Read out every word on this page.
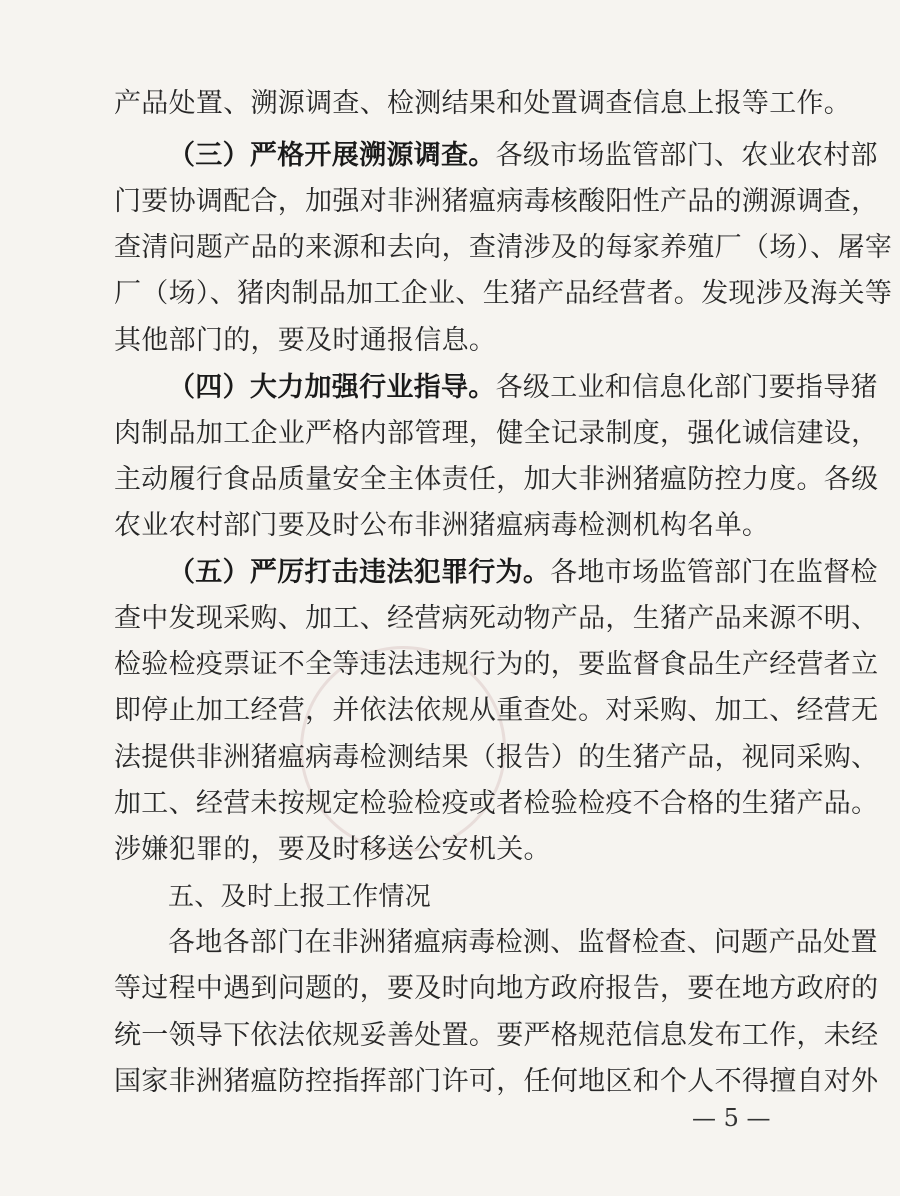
产品处置、溯源调查、检测结果和处置调查信息上报等工作。
（三）严格开展溯源调查。各级市场监管部门、农业农村部
门要协调配合，加强对非洲猪瘟病毒核酸阳性产品的溯源调查，
查清问题产品的来源和去向，查清涉及的每家养殖厂（场）、屠宰
厂（场）、猪肉制品加工企业、生猪产品经营者。发现涉及海关等
其他部门的，要及时通报信息。
（四）大力加强行业指导。各级工业和信息化部门要指导猪
肉制品加工企业严格内部管理，健全记录制度，强化诚信建设，
主动履行食品质量安全主体责任，加大非洲猪瘟防控力度。各级
农业农村部门要及时公布非洲猪瘟病毒检测机构名单。
（五）严厉打击违法犯罪行为。各地市场监管部门在监督检
查中发现采购、加工、经营病死动物产品，生猪产品来源不明、
检验检疫票证不全等违法违规行为的，要监督食品生产经营者立
即停止加工经营，并依法依规从重查处。对采购、加工、经营无
法提供非洲猪瘟病毒检测结果（报告）的生猪产品，视同采购、
加工、经营未按规定检验检疫或者检验检疫不合格的生猪产品。
涉嫌犯罪的，要及时移送公安机关。
五、及时上报工作情况
各地各部门在非洲猪瘟病毒检测、监督检查、问题产品处置
等过程中遇到问题的，要及时向地方政府报告，要在地方政府的
统一领导下依法依规妥善处置。要严格规范信息发布工作，未经
国家非洲猪瘟防控指挥部门许可，任何地区和个人不得擅自对外
— 5 —
